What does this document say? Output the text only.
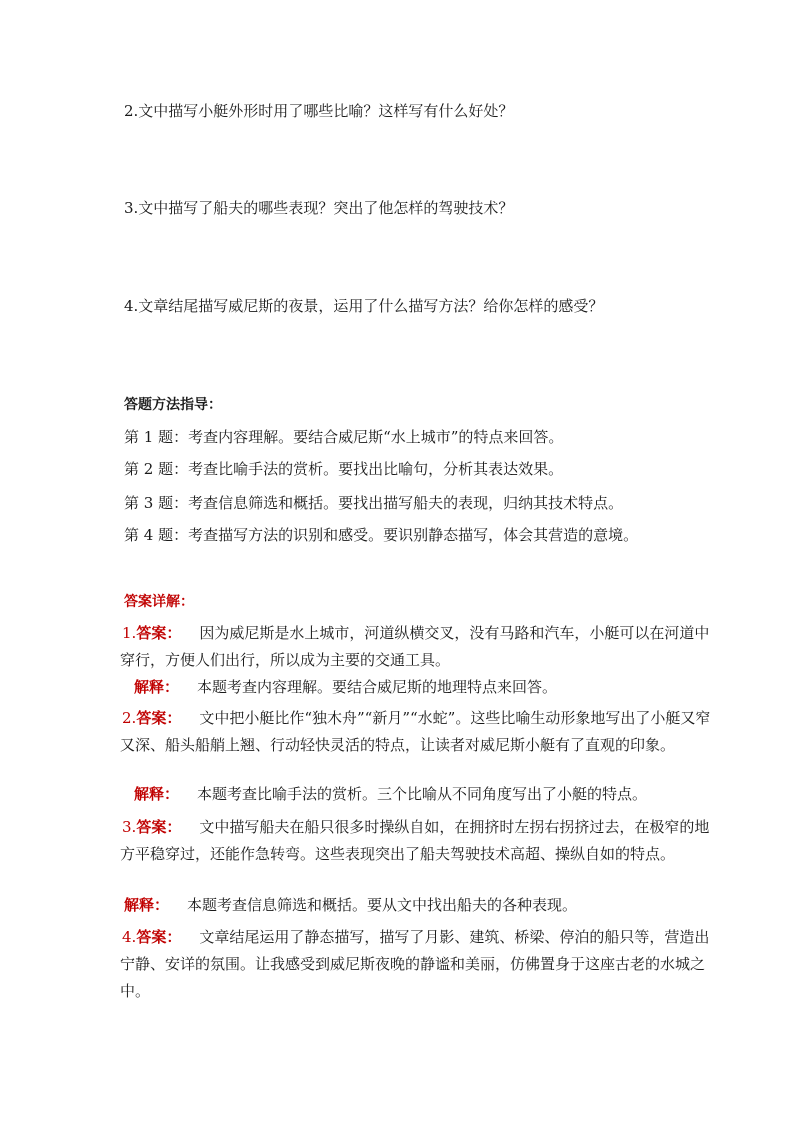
2.文中描写小艇外形时用了哪些比喻？这样写有什么好处？
3.文中描写了船夫的哪些表现？突出了他怎样的驾驶技术？
4.文章结尾描写威尼斯的夜景，运用了什么描写方法？给你怎样的感受？
答题方法指导：
第 1 题：考查内容理解。要结合威尼斯“水上城市”的特点来回答。
第 2 题：考查比喻手法的赏析。要找出比喻句，分析其表达效果。
第 3 题：考查信息筛选和概括。要找出描写船夫的表现，归纳其技术特点。
第 4 题：考查描写方法的识别和感受。要识别静态描写，体会其营造的意境。
答案详解：
1.答案： 因为威尼斯是水上城市，河道纵横交叉，没有马路和汽车，小艇可以在河道中穿行，方便人们出行，所以成为主要的交通工具。
解释： 本题考查内容理解。要结合威尼斯的地理特点来回答。
2.答案： 文中把小艇比作“独木舟”“新月”“水蛇”。这些比喻生动形象地写出了小艇又窄又深、船头船艄上翘、行动轻快灵活的特点，让读者对威尼斯小艇有了直观的印象。
解释： 本题考查比喻手法的赏析。三个比喻从不同角度写出了小艇的特点。
3.答案： 文中描写船夫在船只很多时操纵自如，在拥挤时左拐右拐挤过去，在极窄的地方平稳穿过，还能作急转弯。这些表现突出了船夫驾驶技术高超、操纵自如的特点。
解释： 本题考查信息筛选和概括。要从文中找出船夫的各种表现。
4.答案： 文章结尾运用了静态描写，描写了月影、建筑、桥梁、停泊的船只等，营造出宁静、安详的氛围。让我感受到威尼斯夜晚的静谧和美丽，仿佛置身于这座古老的水城之中。
